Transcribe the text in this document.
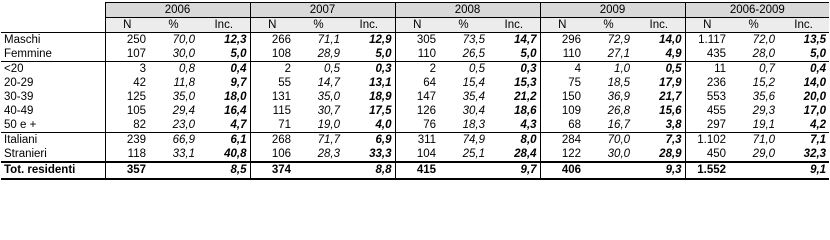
	2006			2007			2008			2009			2006-2009		
	N	%	Inc.	N	%	Inc.	N	%	Inc.	N	%	Inc.	N	%	Inc.
Maschi	250	70,0	12,3	266	71,1	12,9	305	73,5	14,7	296	72,9	14,0	1.117	72,0	13,5
Femmine	107	30,0	5,0	108	28,9	5,0	110	26,5	5,0	110	27,1	4,9	435	28,0	5,0
<20	3	0,8	0,4	2	0,5	0,3	2	0,5	0,3	4	1,0	0,5	11	0,7	0,4
20-29	42	11,8	9,7	55	14,7	13,1	64	15,4	15,3	75	18,5	17,9	236	15,2	14,0
30-39	125	35,0	18,0	131	35,0	18,9	147	35,4	21,2	150	36,9	21,7	553	35,6	20,0
40-49	105	29,4	16,4	115	30,7	17,5	126	30,4	18,6	109	26,8	15,6	455	29,3	17,0
50 e +	82	23,0	4,7	71	19,0	4,0	76	18,3	4,3	68	16,7	3,8	297	19,1	4,2
Italiani	239	66,9	6,1	268	71,7	6,9	311	74,9	8,0	284	70,0	7,3	1.102	71,0	7,1
Stranieri	118	33,1	40,8	106	28,3	33,3	104	25,1	28,4	122	30,0	28,9	450	29,0	32,3
Tot. residenti	357		8,5	374		8,8	415		9,7	406		9,3	1.552		9,1
